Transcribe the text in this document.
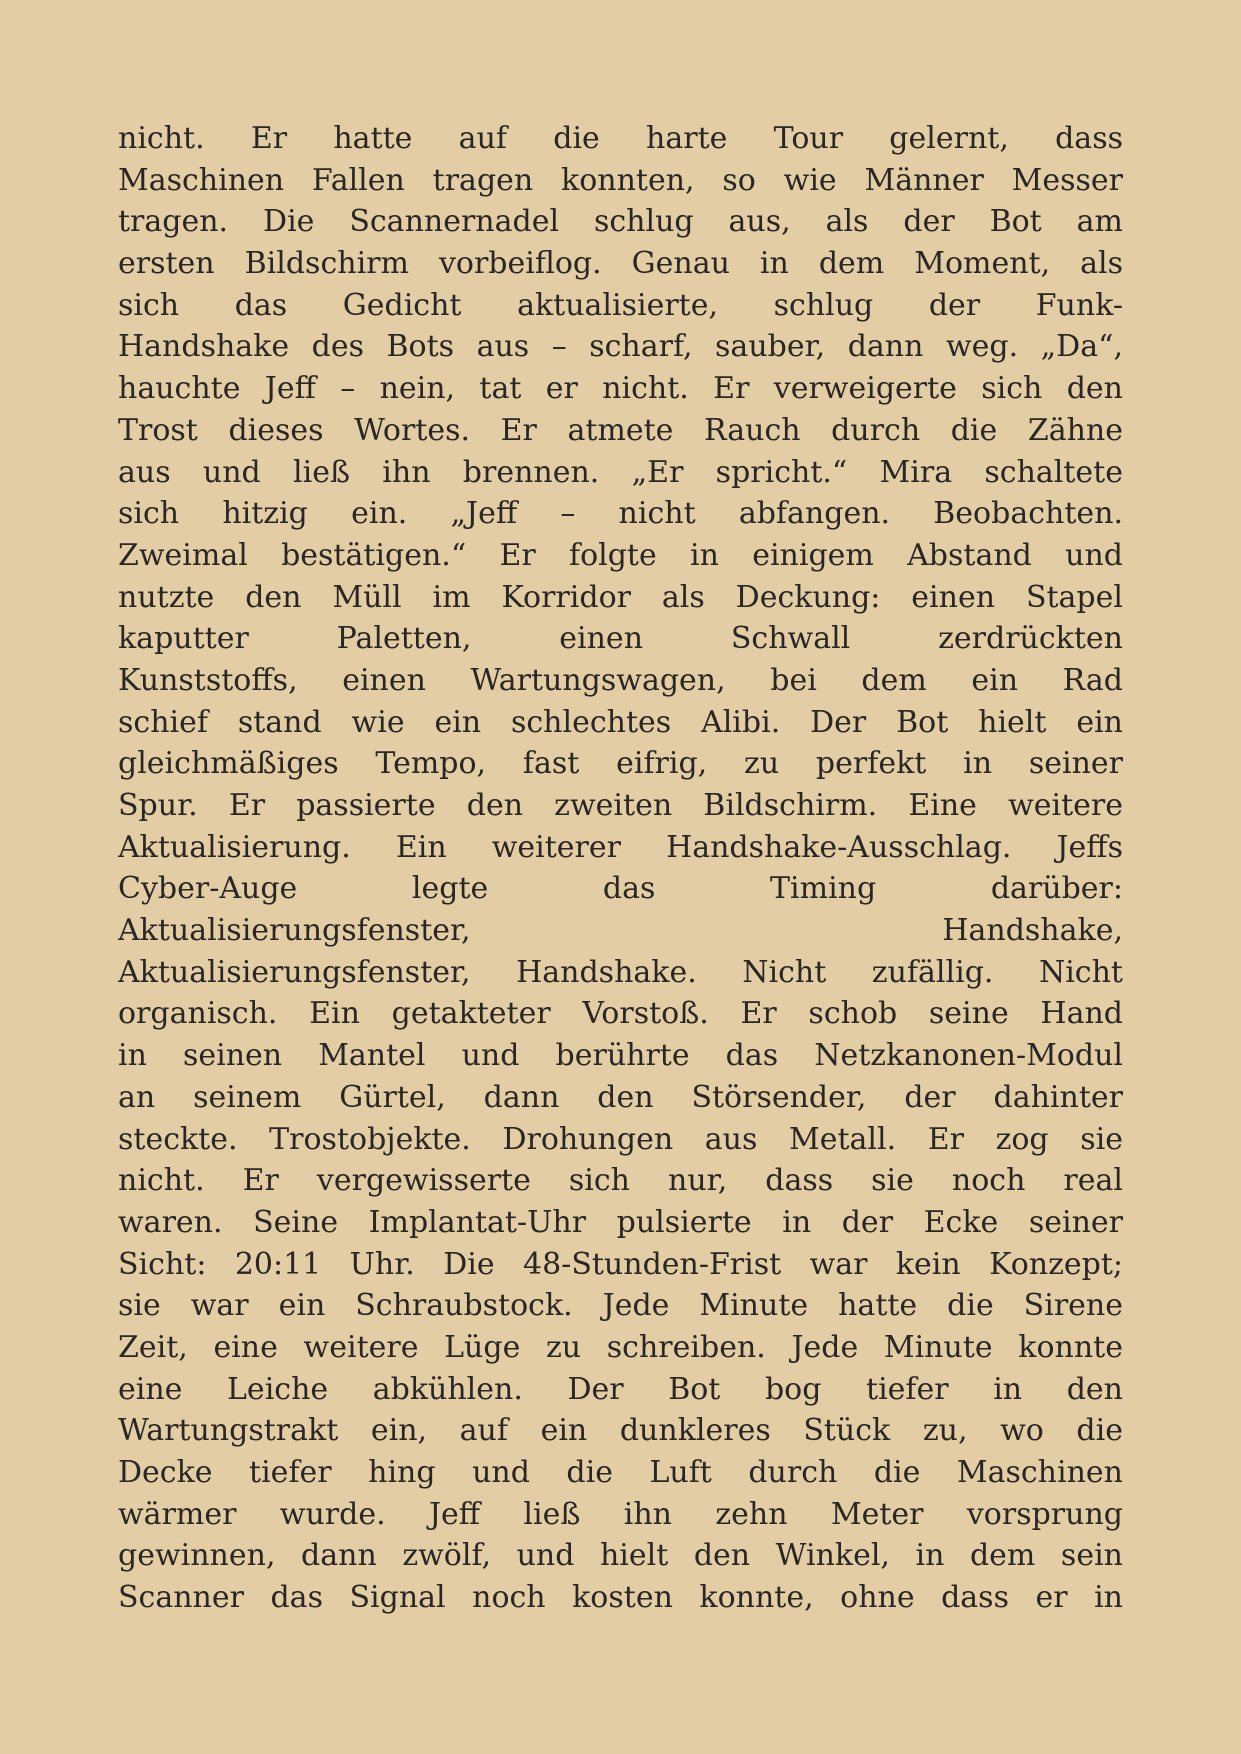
nicht. Er hatte auf die harte Tour gelernt, dass
Maschinen Fallen tragen konnten, so wie Männer Messer
tragen. Die Scannernadel schlug aus, als der Bot am
ersten Bildschirm vorbeiflog. Genau in dem Moment, als
sich das Gedicht aktualisierte, schlug der Funk-
Handshake des Bots aus – scharf, sauber, dann weg. „Da“,
hauchte Jeff – nein, tat er nicht. Er verweigerte sich den
Trost dieses Wortes. Er atmete Rauch durch die Zähne
aus und ließ ihn brennen. „Er spricht.“ Mira schaltete
sich hitzig ein. „Jeff – nicht abfangen. Beobachten.
Zweimal bestätigen.“ Er folgte in einigem Abstand und
nutzte den Müll im Korridor als Deckung: einen Stapel
kaputter Paletten, einen Schwall zerdrückten
Kunststoffs, einen Wartungswagen, bei dem ein Rad
schief stand wie ein schlechtes Alibi. Der Bot hielt ein
gleichmäßiges Tempo, fast eifrig, zu perfekt in seiner
Spur. Er passierte den zweiten Bildschirm. Eine weitere
Aktualisierung. Ein weiterer Handshake-Ausschlag. Jeffs
Cyber-Auge legte das Timing darüber:
Aktualisierungsfenster, Handshake,
Aktualisierungsfenster, Handshake. Nicht zufällig. Nicht
organisch. Ein getakteter Vorstoß. Er schob seine Hand
in seinen Mantel und berührte das Netzkanonen-Modul
an seinem Gürtel, dann den Störsender, der dahinter
steckte. Trostobjekte. Drohungen aus Metall. Er zog sie
nicht. Er vergewisserte sich nur, dass sie noch real
waren. Seine Implantat-Uhr pulsierte in der Ecke seiner
Sicht: 20:11 Uhr. Die 48-Stunden-Frist war kein Konzept;
sie war ein Schraubstock. Jede Minute hatte die Sirene
Zeit, eine weitere Lüge zu schreiben. Jede Minute konnte
eine Leiche abkühlen. Der Bot bog tiefer in den
Wartungstrakt ein, auf ein dunkleres Stück zu, wo die
Decke tiefer hing und die Luft durch die Maschinen
wärmer wurde. Jeff ließ ihn zehn Meter vorsprung
gewinnen, dann zwölf, und hielt den Winkel, in dem sein
Scanner das Signal noch kosten konnte, ohne dass er in
